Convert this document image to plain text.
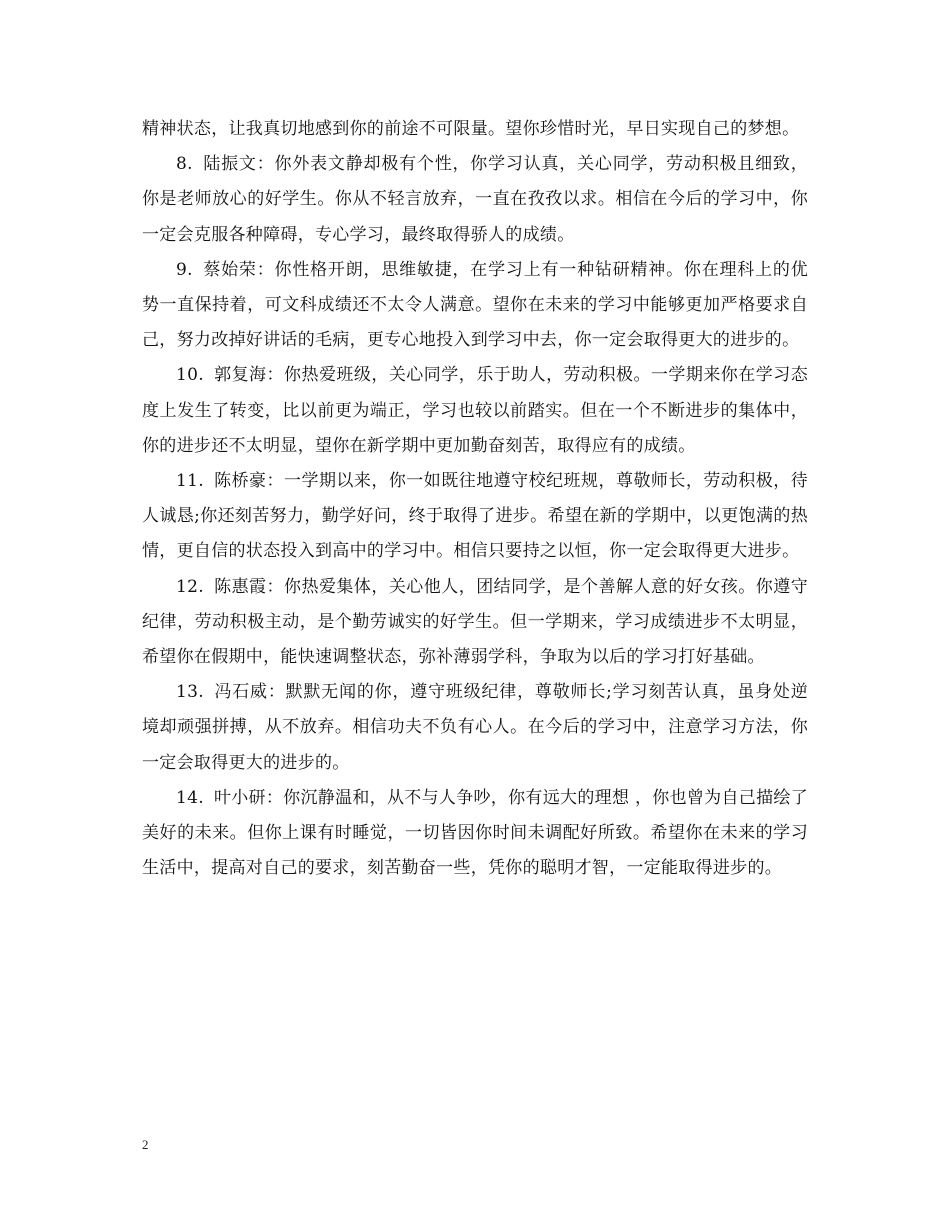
精神状态，让我真切地感到你的前途不可限量。望你珍惜时光，早日实现自己的梦想。

8. 陆振文：你外表文静却极有个性，你学习认真，关心同学，劳动积极且细致，你是老师放心的好学生。你从不轻言放弃，一直在孜孜以求。相信在今后的学习中，你一定会克服各种障碍，专心学习，最终取得骄人的成绩。

9. 蔡始荣：你性格开朗，思维敏捷，在学习上有一种钻研精神。你在理科上的优势一直保持着，可文科成绩还不太令人满意。望你在未来的学习中能够更加严格要求自己，努力改掉好讲话的毛病，更专心地投入到学习中去，你一定会取得更大的进步的。

10. 郭复海：你热爱班级，关心同学，乐于助人，劳动积极。一学期来你在学习态度上发生了转变，比以前更为端正，学习也较以前踏实。但在一个不断进步的集体中，你的进步还不太明显，望你在新学期中更加勤奋刻苦，取得应有的成绩。

11. 陈桥豪：一学期以来，你一如既往地遵守校纪班规，尊敬师长，劳动积极，待人诚恳;你还刻苦努力，勤学好问，终于取得了进步。希望在新的学期中，以更饱满的热情，更自信的状态投入到高中的学习中。相信只要持之以恒，你一定会取得更大进步。

12. 陈惠霞：你热爱集体，关心他人，团结同学，是个善解人意的好女孩。你遵守纪律，劳动积极主动，是个勤劳诚实的好学生。但一学期来，学习成绩进步不太明显，希望你在假期中，能快速调整状态，弥补薄弱学科，争取为以后的学习打好基础。

13. 冯石威：默默无闻的你，遵守班级纪律，尊敬师长;学习刻苦认真，虽身处逆境却顽强拼搏，从不放弃。相信功夫不负有心人。在今后的学习中，注意学习方法，你一定会取得更大的进步的。

14. 叶小研：你沉静温和，从不与人争吵，你有远大的理想 ，你也曾为自己描绘了美好的未来。但你上课有时睡觉，一切皆因你时间未调配好所致。希望你在未来的学习生活中，提高对自己的要求，刻苦勤奋一些，凭你的聪明才智，一定能取得进步的。

2
